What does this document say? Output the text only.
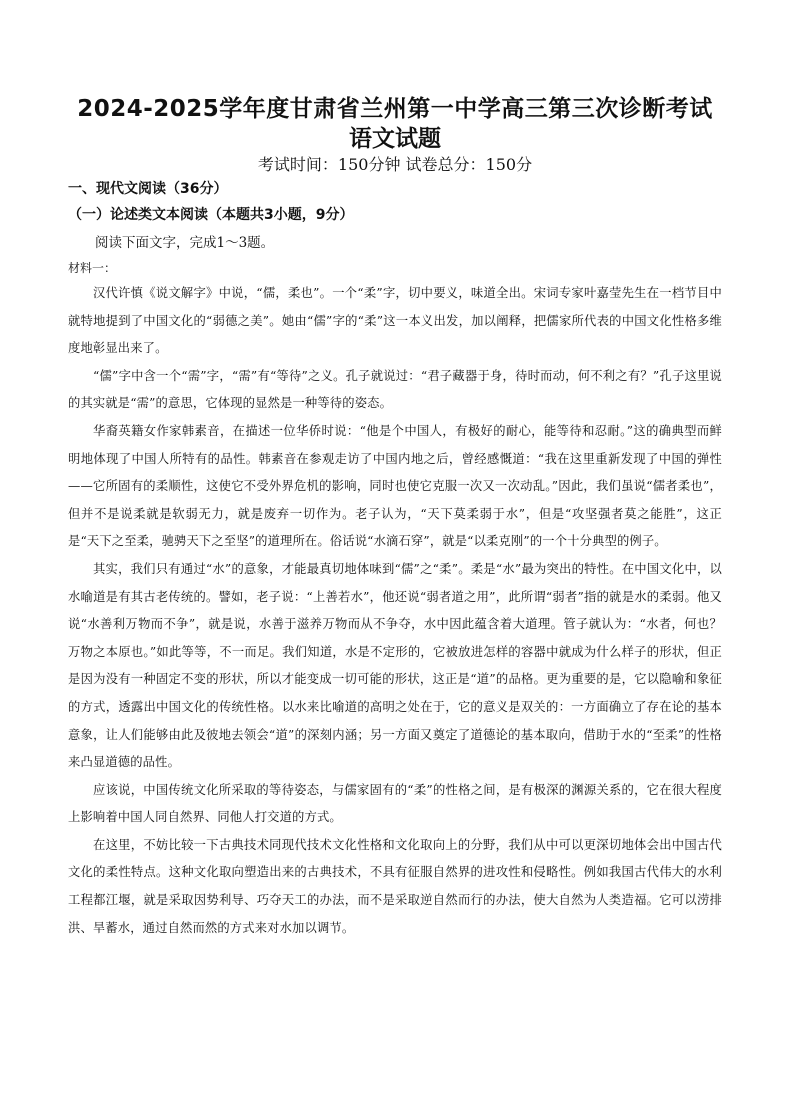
2024-2025学年度甘肃省兰州第一中学高三第三次诊断考试
语文试题
考试时间：150分钟 试卷总分：150分
一、现代文阅读（36分）
（一）论述类文本阅读（本题共3小题，9分）
阅读下面文字，完成1～3题。
材料一：

汉代许慎《说文解字》中说，“儒，柔也”。一个“柔”字，切中要义，味道全出。宋词专家叶嘉莹先生在一档节目中就特地提到了中国文化的“弱德之美”。她由“儒”字的“柔”这一本义出发，加以阐释，把儒家所代表的中国文化性格多维度地彰显出来了。

“儒”字中含一个“需”字，“需”有“等待”之义。孔子就说过：“君子藏器于身，待时而动，何不利之有？”孔子这里说的其实就是“需”的意思，它体现的显然是一种等待的姿态。

华裔英籍女作家韩素音，在描述一位华侨时说：“他是个中国人，有极好的耐心，能等待和忍耐。”这的确典型而鲜明地体现了中国人所特有的品性。韩素音在参观走访了中国内地之后，曾经感慨道：“我在这里重新发现了中国的弹性——它所固有的柔顺性，这使它不受外界危机的影响，同时也使它克服一次又一次动乱。”因此，我们虽说“儒者柔也”，但并不是说柔就是软弱无力，就是废弃一切作为。老子认为，“天下莫柔弱于水”，但是“攻坚强者莫之能胜”，这正是“天下之至柔，驰骋天下之至坚”的道理所在。俗话说“水滴石穿”，就是“以柔克刚”的一个十分典型的例子。

其实，我们只有通过“水”的意象，才能最真切地体味到“儒”之“柔”。柔是“水”最为突出的特性。在中国文化中，以水喻道是有其古老传统的。譬如，老子说：“上善若水”，他还说“弱者道之用”，此所谓“弱者”指的就是水的柔弱。他又说“水善利万物而不争”，就是说，水善于滋养万物而从不争夺，水中因此蕴含着大道理。管子就认为：“水者，何也？万物之本原也。”如此等等，不一而足。我们知道，水是不定形的，它被放进怎样的容器中就成为什么样子的形状，但正是因为没有一种固定不变的形状，所以才能变成一切可能的形状，这正是“道”的品格。更为重要的是，它以隐喻和象征的方式，透露出中国文化的传统性格。以水来比喻道的高明之处在于，它的意义是双关的：一方面确立了存在论的基本意象，让人们能够由此及彼地去领会“道”的深刻内涵；另一方面又奠定了道德论的基本取向，借助于水的“至柔”的性格来凸显道德的品性。

应该说，中国传统文化所采取的等待姿态，与儒家固有的“柔”的性格之间，是有极深的渊源关系的，它在很大程度上影响着中国人同自然界、同他人打交道的方式。

在这里，不妨比较一下古典技术同现代技术文化性格和文化取向上的分野，我们从中可以更深切地体会出中国古代文化的柔性特点。这种文化取向塑造出来的古典技术，不具有征服自然界的进攻性和侵略性。例如我国古代伟大的水利工程都江堰，就是采取因势利导、巧夺天工的办法，而不是采取逆自然而行的办法，使大自然为人类造福。它可以涝排洪、旱蓄水，通过自然而然的方式来对水加以调节。
